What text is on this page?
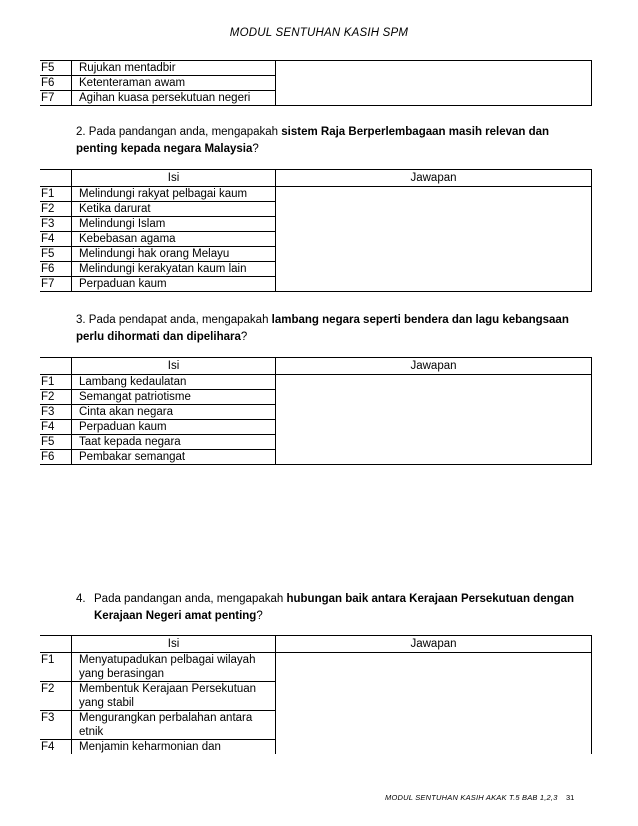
MODUL SENTUHAN KASIH SPM
F5	Rujukan mentadbir	
F6	Ketenteraman awam	
F7	Agihan kuasa persekutuan negeri	
2. Pada pandangan anda, mengapakah sistem Raja Berperlembagaan masih relevan dan penting kepada negara Malaysia?
	Isi	Jawapan
F1	Melindungi rakyat pelbagai kaum	
F2	Ketika darurat	
F3	Melindungi Islam	
F4	Kebebasan agama	
F5	Melindungi hak orang Melayu	
F6	Melindungi kerakyatan kaum lain	
F7	Perpaduan kaum	
3. Pada pendapat anda, mengapakah lambang negara seperti bendera dan lagu kebangsaan perlu dihormati dan dipelihara?
	Isi	Jawapan
F1	Lambang kedaulatan	
F2	Semangat patriotisme	
F3	Cinta akan negara	
F4	Perpaduan kaum	
F5	Taat kepada negara	
F6	Pembakar semangat	
4. Pada pandangan anda, mengapakah hubungan baik antara Kerajaan Persekutuan dengan Kerajaan Negeri amat penting?
	Isi	Jawapan
F1	Menyatupadukan pelbagai wilayah yang berasingan	
F2	Membentuk Kerajaan Persekutuan yang stabil	
F3	Mengurangkan perbalahan antara etnik	
F4	Menjamin keharmonian dan	
MODUL SENTUHAN KASIH AKAK T.5 BAB 1,2,3 31
